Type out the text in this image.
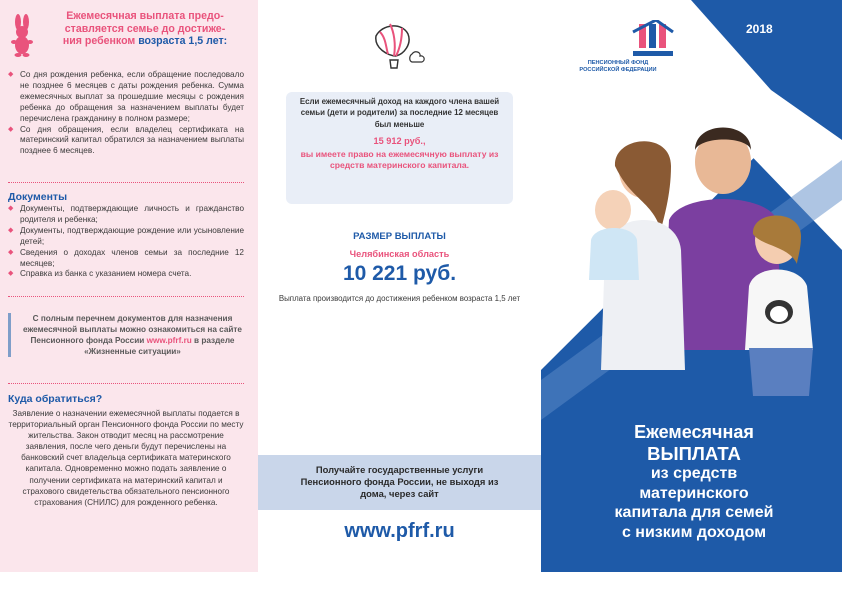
Ежемесячная выплата предо-
ставляется семье до достиже-
ния ребенком возраста 1,5 лет:
◆ Со дня рождения ребенка, если обращение последовало не позднее 6 месяцев с даты рождения ребенка. Сумма ежемесячных выплат за прошедшие месяцы с рождения ребенка до обращения за назначением выплаты будет перечислена гражданину в полном размере;
◆ Со дня обращения, если владелец сертификата на материнский капитал обратился за назначением выплаты позднее 6 месяцев.
Документы
◆ Документы, подтверждающие личность и гражданство родителя и ребенка;
◆ Документы, подтверждающие рождение или усыновление детей;
◆ Сведения о доходах членов семьи за последние 12 месяцев;
◆ Справка из банка с указанием номера счета.
С полным перечнем документов для назначения ежемесячной выплаты можно ознакомиться на сайте Пенсионного фонда России www.pfrf.ru в разделе «Жизненные ситуации»
Куда обратиться?
Заявление о назначении ежемесячной выплаты подается в территориальный орган Пенсионного фонда России по месту жительства. Закон отводит месяц на рассмотрение заявления, после чего деньги будут перечислены на банковский счет владельца сертификата материнского капитала. Одновременно можно подать заявление о получении сертификата на материнский капитал и страхового свидетельства обязательного пенсионного страхования (СНИЛС) для рожденного ребенка.
Если ежемесячный доход на каждого члена вашей семьи (дети и родители) за последние 12 месяцев был меньше
15 912 руб.,
вы имеете право на ежемесячную выплату из средств материнского капитала.
РАЗМЕР ВЫПЛАТЫ
Челябинская область
10 221 руб.
Выплата производится до достижения ребенком возраста 1,5 лет
Получайте государственные услуги Пенсионного фонда России, не выходя из дома, через сайт
www.pfrf.ru
ПЕНСИОННЫЙ ФОНД
РОССИЙСКОЙ ФЕДЕРАЦИИ
2018
Ежемесячная
ВЫПЛАТА
из средств
материнского
капитала для семей
с низким доходом
